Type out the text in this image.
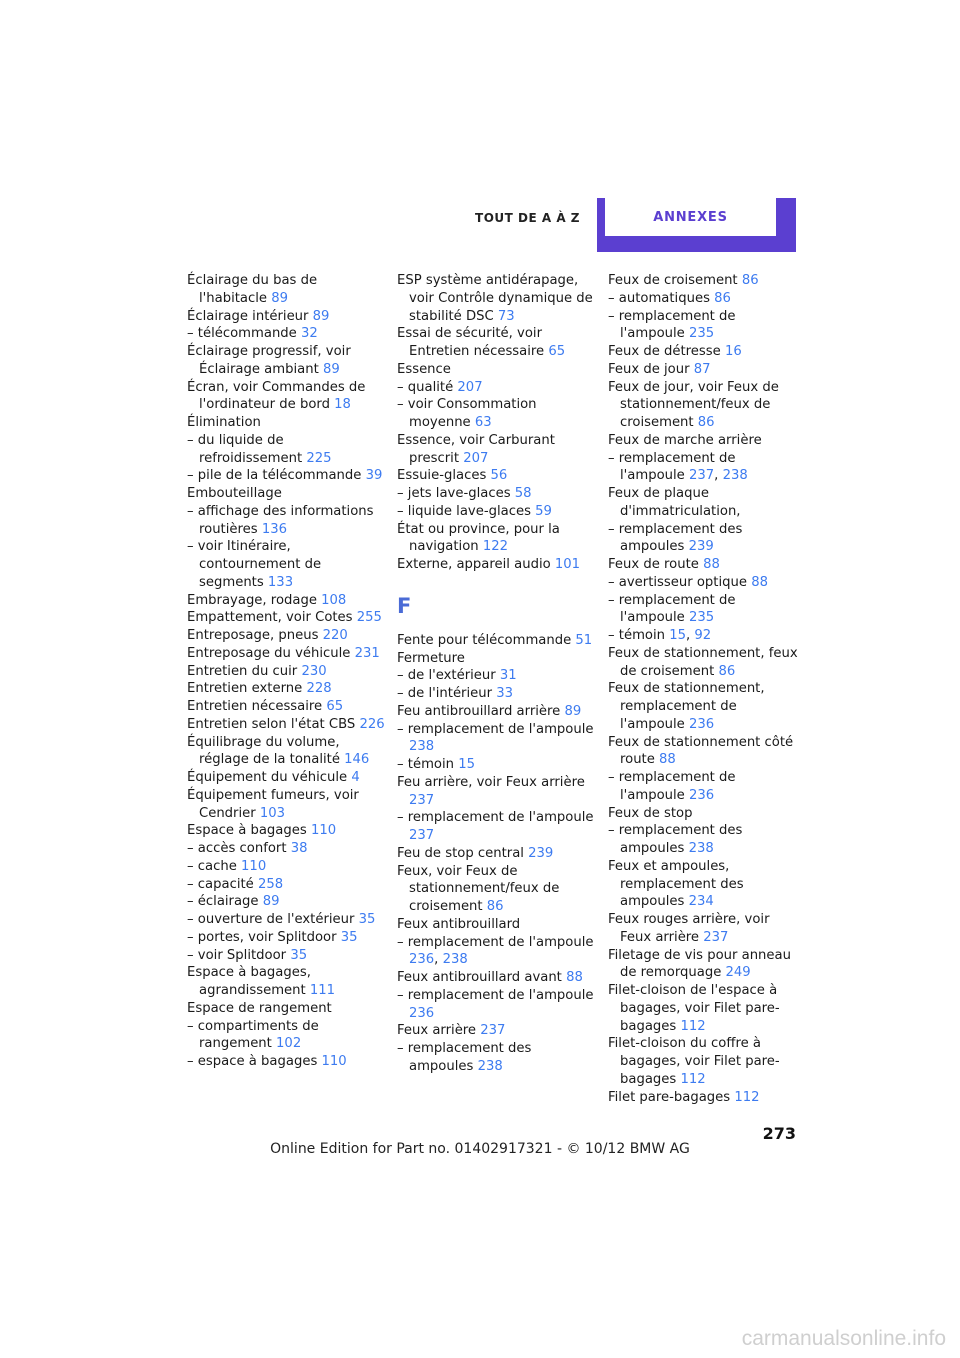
TOUT DE A À Z	ANNEXES

Éclairage du bas de l'habitacle 89

Éclairage intérieur 89

– télécommande 32

Éclairage progressif, voir Éclairage ambiant 89

Écran, voir Commandes de l'ordinateur de bord 18

Élimination

– du liquide de refroidissement 225

– pile de la télécommande 39

Embouteillage

– affichage des informations routières 136

– voir Itinéraire, contournement de segments 133

Embrayage, rodage 108

Empattement, voir Cotes 255

Entreposage, pneus 220

Entreposage du véhicule 231

Entretien du cuir 230

Entretien externe 228

Entretien nécessaire 65

Entretien selon l'état CBS 226

Équilibrage du volume, réglage de la tonalité 146

Équipement du véhicule 4

Équipement fumeurs, voir Cendrier 103

Espace à bagages 110

– accès confort 38

– cache 110

– capacité 258

– éclairage 89

– ouverture de l'extérieur 35

– portes, voir Splitdoor 35

– voir Splitdoor 35

Espace à bagages, agrandissement 111

Espace de rangement

– compartiments de rangement 102

– espace à bagages 110

ESP système antidérapage, voir Contrôle dynamique de stabilité DSC 73

Essai de sécurité, voir Entretien nécessaire 65

Essence

– qualité 207

– voir Consommation moyenne 63

Essence, voir Carburant prescrit 207

Essuie-glaces 56

– jets lave-glaces 58

– liquide lave-glaces 59

État ou province, pour la navigation 122

Externe, appareil audio 101

F

Fente pour télécommande 51

Fermeture

– de l'extérieur 31

– de l'intérieur 33

Feu antibrouillard arrière 89

– remplacement de l'ampoule 238

– témoin 15

Feu arrière, voir Feux arrière 237

– remplacement de l'ampoule 237

Feu de stop central 239

Feux, voir Feux de stationnement/feux de croisement 86

Feux antibrouillard

– remplacement de l'ampoule 236, 238

Feux antibrouillard avant 88

– remplacement de l'ampoule 236

Feux arrière 237

– remplacement des ampoules 238

Feux de croisement 86

– automatiques 86

– remplacement de l'ampoule 235

Feux de détresse 16

Feux de jour 87

Feux de jour, voir Feux de stationnement/feux de croisement 86

Feux de marche arrière

– remplacement de l'ampoule 237, 238

Feux de plaque d'immatriculation,

– remplacement des ampoules 239

Feux de route 88

– avertisseur optique 88

– remplacement de l'ampoule 235

– témoin 15, 92

Feux de stationnement, feux de croisement 86

Feux de stationnement, remplacement de l'ampoule 236

Feux de stationnement côté route 88

– remplacement de l'ampoule 236

Feux de stop

– remplacement des ampoules 238

Feux et ampoules, remplacement des ampoules 234

Feux rouges arrière, voir Feux arrière 237

Filetage de vis pour anneau de remorquage 249

Filet-cloison de l'espace à bagages, voir Filet pare-bagages 112

Filet-cloison du coffre à bagages, voir Filet pare-bagages 112

Filet pare-bagages 112

273
Online Edition for Part no. 01402917321 - © 10/12 BMW AG
carmanualsonline.info
